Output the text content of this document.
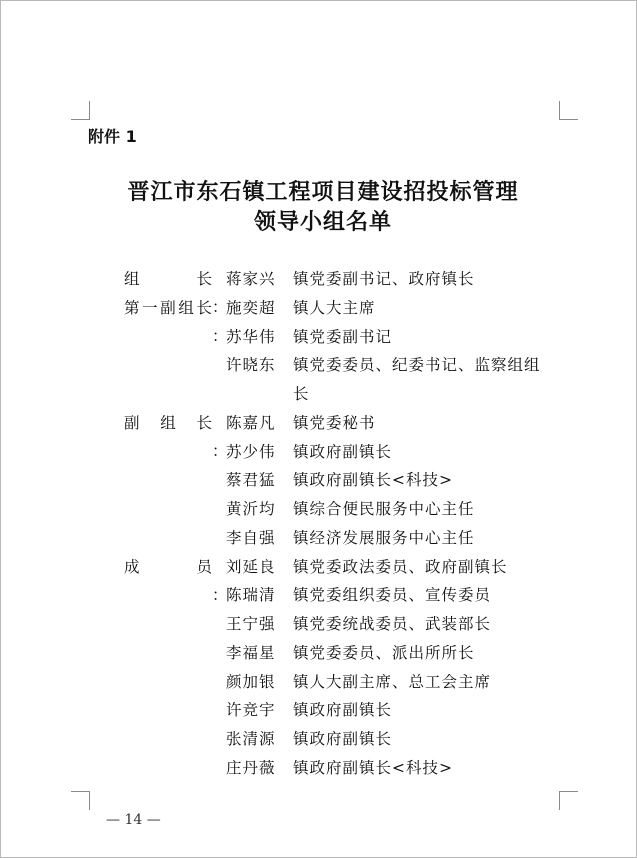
附件 1
晋江市东石镇工程项目建设招投标管理
领导小组名单
组	长
：
蒋家兴 镇党委副书记、政府镇长
第 一 副 组 长
：
施奕超 镇人大主席
苏华伟 镇党委副书记
许晓东 镇党委委员、纪委书记、监察组组
长
副 组 长
：
陈嘉凡 镇党委秘书
苏少伟 镇政府副镇长
蔡君猛 镇政府副镇长<科技>
黄沂均 镇综合便民服务中心主任
李自强 镇经济发展服务中心主任
成	员
：
刘延良 镇党委政法委员、政府副镇长
陈瑞清 镇党委组织委员、宣传委员
王宁强 镇党委统战委员、武装部长
李福星 镇党委委员、派出所所长
颜加银 镇人大副主席、总工会主席
许竞宇 镇政府副镇长
张清源 镇政府副镇长
庄丹薇 镇政府副镇长<科技>
— 14 —
